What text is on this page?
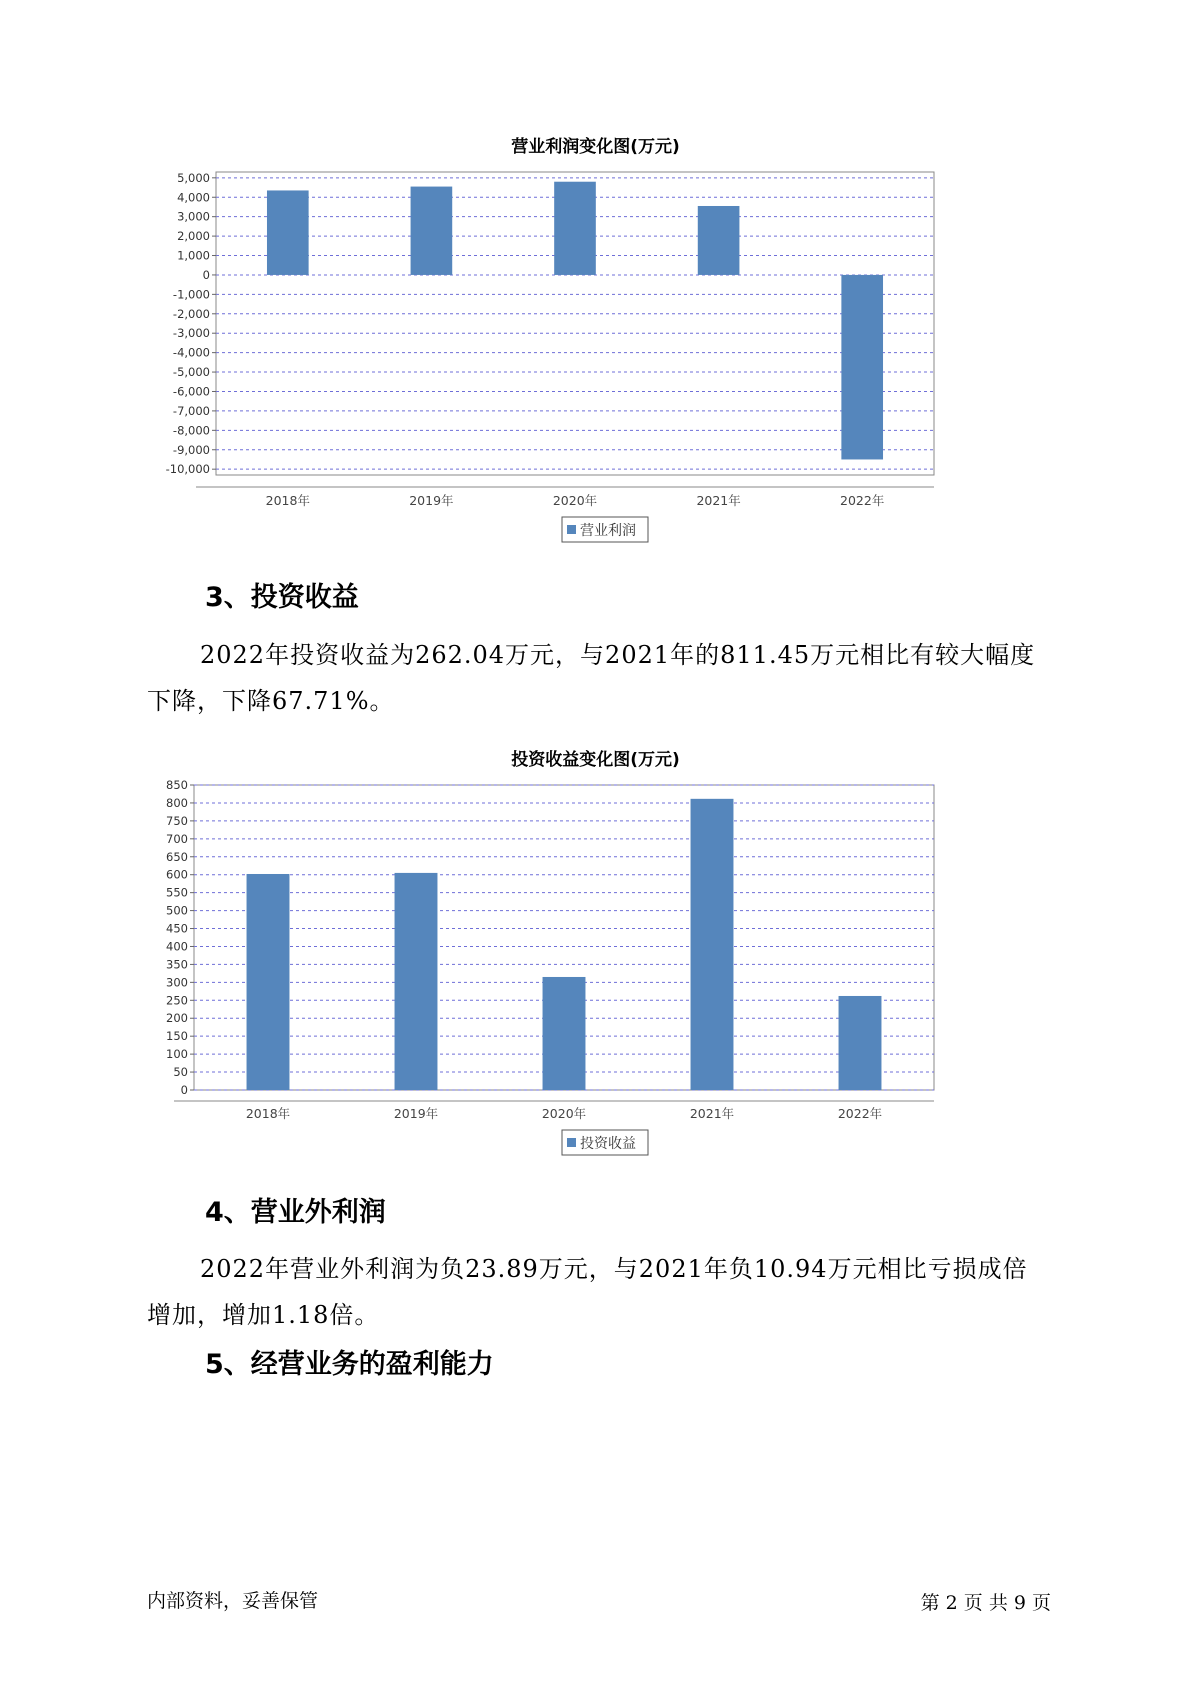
营业利润变化图(万元)
5,000
4,000
3,000
2,000
1,000
0
-1,000
-2,000
-3,000
-4,000
-5,000
-6,000
-7,000
-8,000
-9,000
-10,000
2018年	2019年	2020年	2021年	2022年
营业利润
3、投资收益
2022年投资收益为262.04万元，与2021年的811.45万元相比有较大幅度下降，下降67.71%。
投资收益变化图(万元)
850
800
750
700
650
600
550
500
450
400
350
300
250
200
150
100
50
0
2018年	2019年	2020年	2021年	2022年
投资收益
4、营业外利润
2022年营业外利润为负23.89万元，与2021年负10.94万元相比亏损成倍增加，增加1.18倍。
5、经营业务的盈利能力
内部资料，妥善保管	第 2 页 共 9 页
